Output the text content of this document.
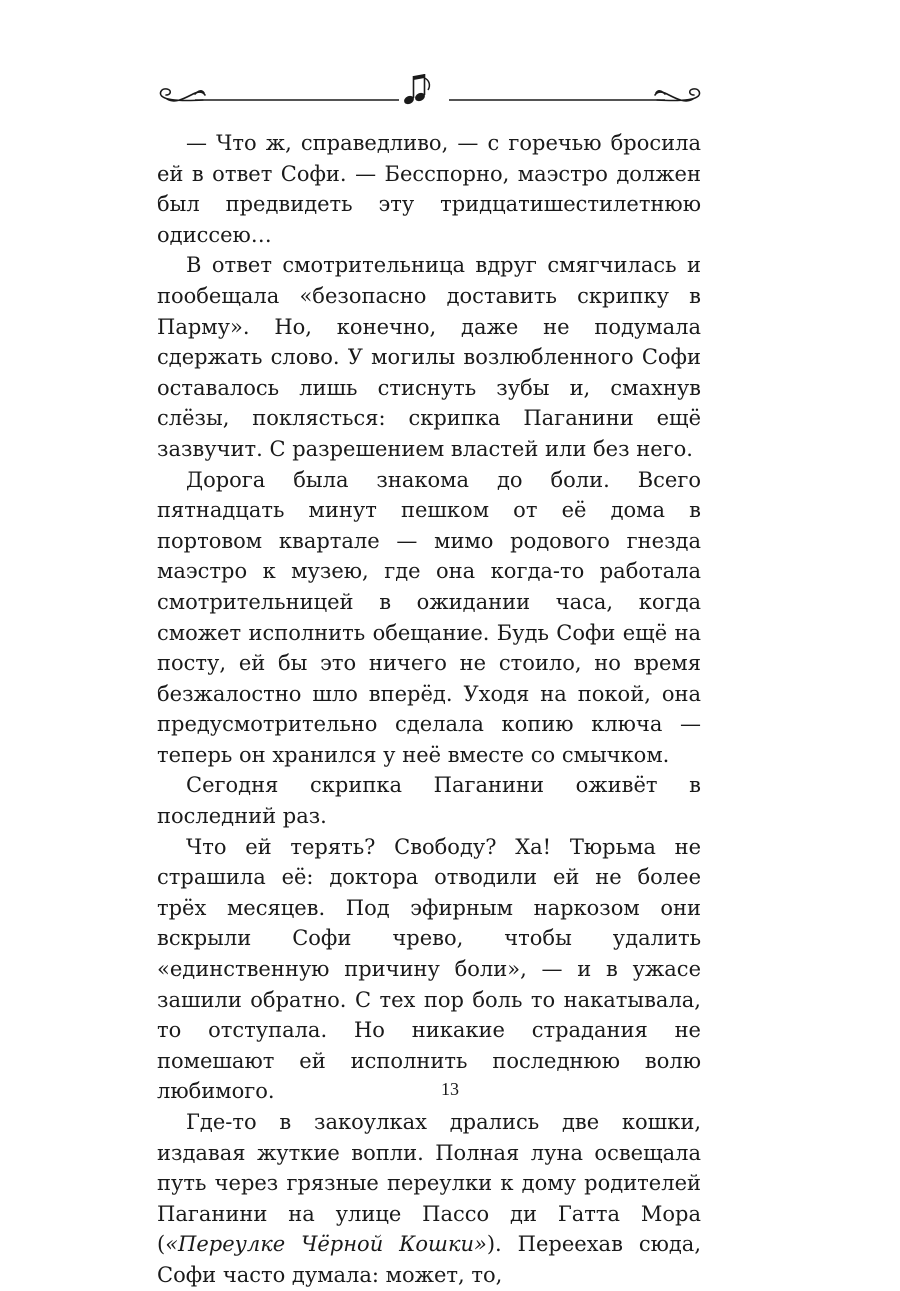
— Что ж, справедливо, — с горечью бросила ей в ответ Софи. — Бесспорно, маэстро должен был предвидеть эту тридцатишестилетнюю одиссею…

В ответ смотрительница вдруг смягчилась и пообещала «безопасно доставить скрипку в Парму». Но, конечно, даже не подумала сдержать слово. У могилы возлюбленного Софи оставалось лишь стиснуть зубы и, смахнув слёзы, поклясться: скрипка Паганини ещё зазвучит. С разрешением властей или без него.

Дорога была знакома до боли. Всего пятнадцать минут пешком от её дома в портовом квартале — мимо родового гнезда маэстро к музею, где она когда-то работала смотрительницей в ожидании часа, когда сможет исполнить обещание. Будь Софи ещё на посту, ей бы это ничего не стоило, но время безжалостно шло вперёд. Уходя на покой, она предусмотрительно сделала копию ключа — теперь он хранился у неё вместе со смычком.

Сегодня скрипка Паганини оживёт в последний раз.

Что ей терять? Свободу? Ха! Тюрьма не страшила её: доктора отводили ей не более трёх месяцев. Под эфирным наркозом они вскрыли Софи чрево, чтобы удалить «единственную причину боли», — и в ужасе зашили обратно. С тех пор боль то накатывала, то отступала. Но никакие страдания не помешают ей исполнить последнюю волю любимого.

Где-то в закоулках дрались две кошки, издавая жуткие вопли. Полная луна освещала путь через грязные переулки к дому родителей Паганини на улице Пассо ди Гатта Мора («Переулке Чёрной Кошки»). Переехав сюда, Софи часто думала: может, то,

13
